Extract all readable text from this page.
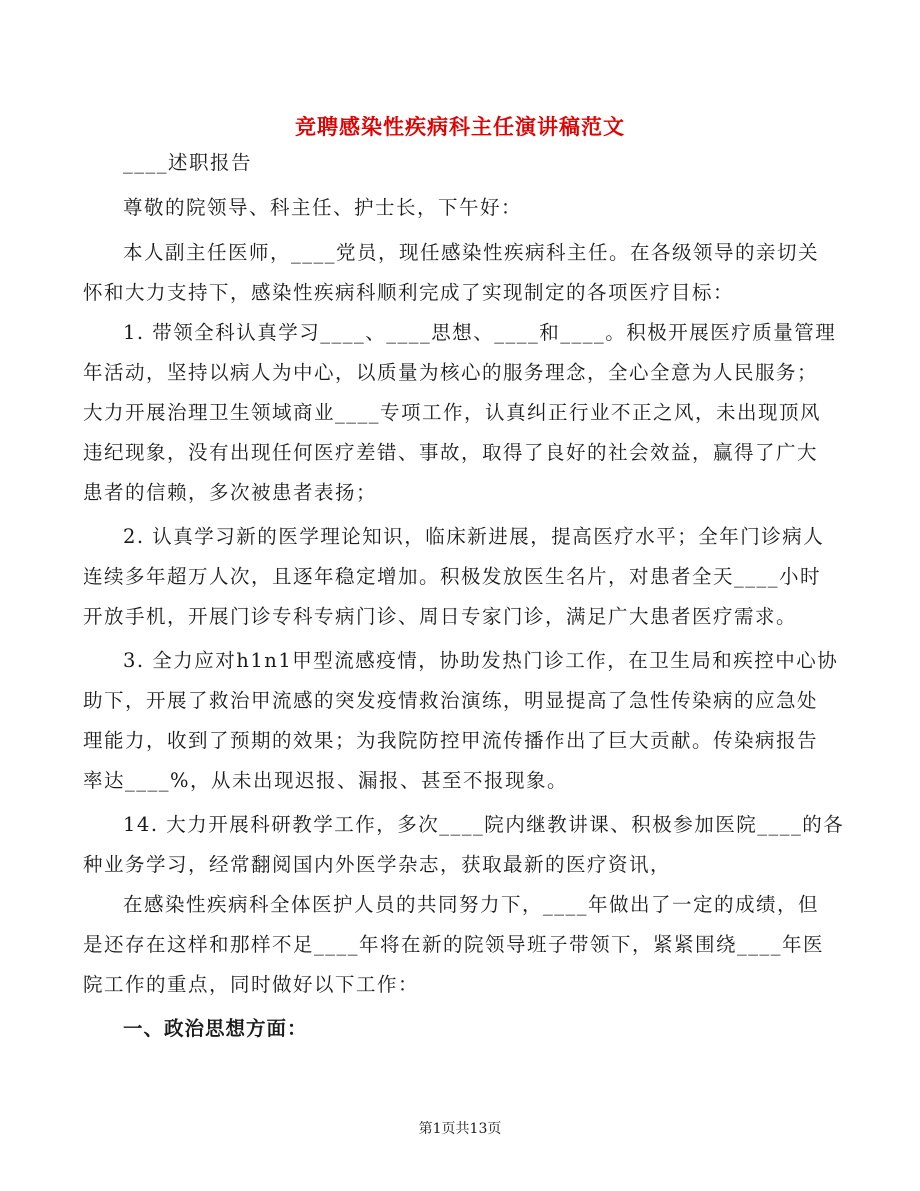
竞聘感染性疾病科主任演讲稿范文
____述职报告
尊敬的院领导、科主任、护士长，下午好：
本人副主任医师，____党员，现任感染性疾病科主任。在各级领导的亲切关
怀和大力支持下，感染性疾病科顺利完成了实现制定的各项医疗目标：
1. 带领全科认真学习____、____思想、____和____。积极开展医疗质量管理
年活动，坚持以病人为中心，以质量为核心的服务理念，全心全意为人民服务；
大力开展治理卫生领域商业____专项工作，认真纠正行业不正之风，未出现顶风
违纪现象，没有出现任何医疗差错、事故，取得了良好的社会效益，赢得了广大
患者的信赖，多次被患者表扬；
2. 认真学习新的医学理论知识，临床新进展，提高医疗水平；全年门诊病人
连续多年超万人次，且逐年稳定增加。积极发放医生名片，对患者全天____小时
开放手机，开展门诊专科专病门诊、周日专家门诊，满足广大患者医疗需求。
3. 全力应对h1n1甲型流感疫情，协助发热门诊工作，在卫生局和疾控中心协
助下，开展了救治甲流感的突发疫情救治演练，明显提高了急性传染病的应急处
理能力，收到了预期的效果；为我院防控甲流传播作出了巨大贡献。传染病报告
率达____%，从未出现迟报、漏报、甚至不报现象。
14. 大力开展科研教学工作，多次____院内继教讲课、积极参加医院____的各
种业务学习，经常翻阅国内外医学杂志，获取最新的医疗资讯，
在感染性疾病科全体医护人员的共同努力下，____年做出了一定的成绩，但
是还存在这样和那样不足____年将在新的院领导班子带领下，紧紧围绕____年医
院工作的重点，同时做好以下工作：
一、政治思想方面：
第1页共13页
